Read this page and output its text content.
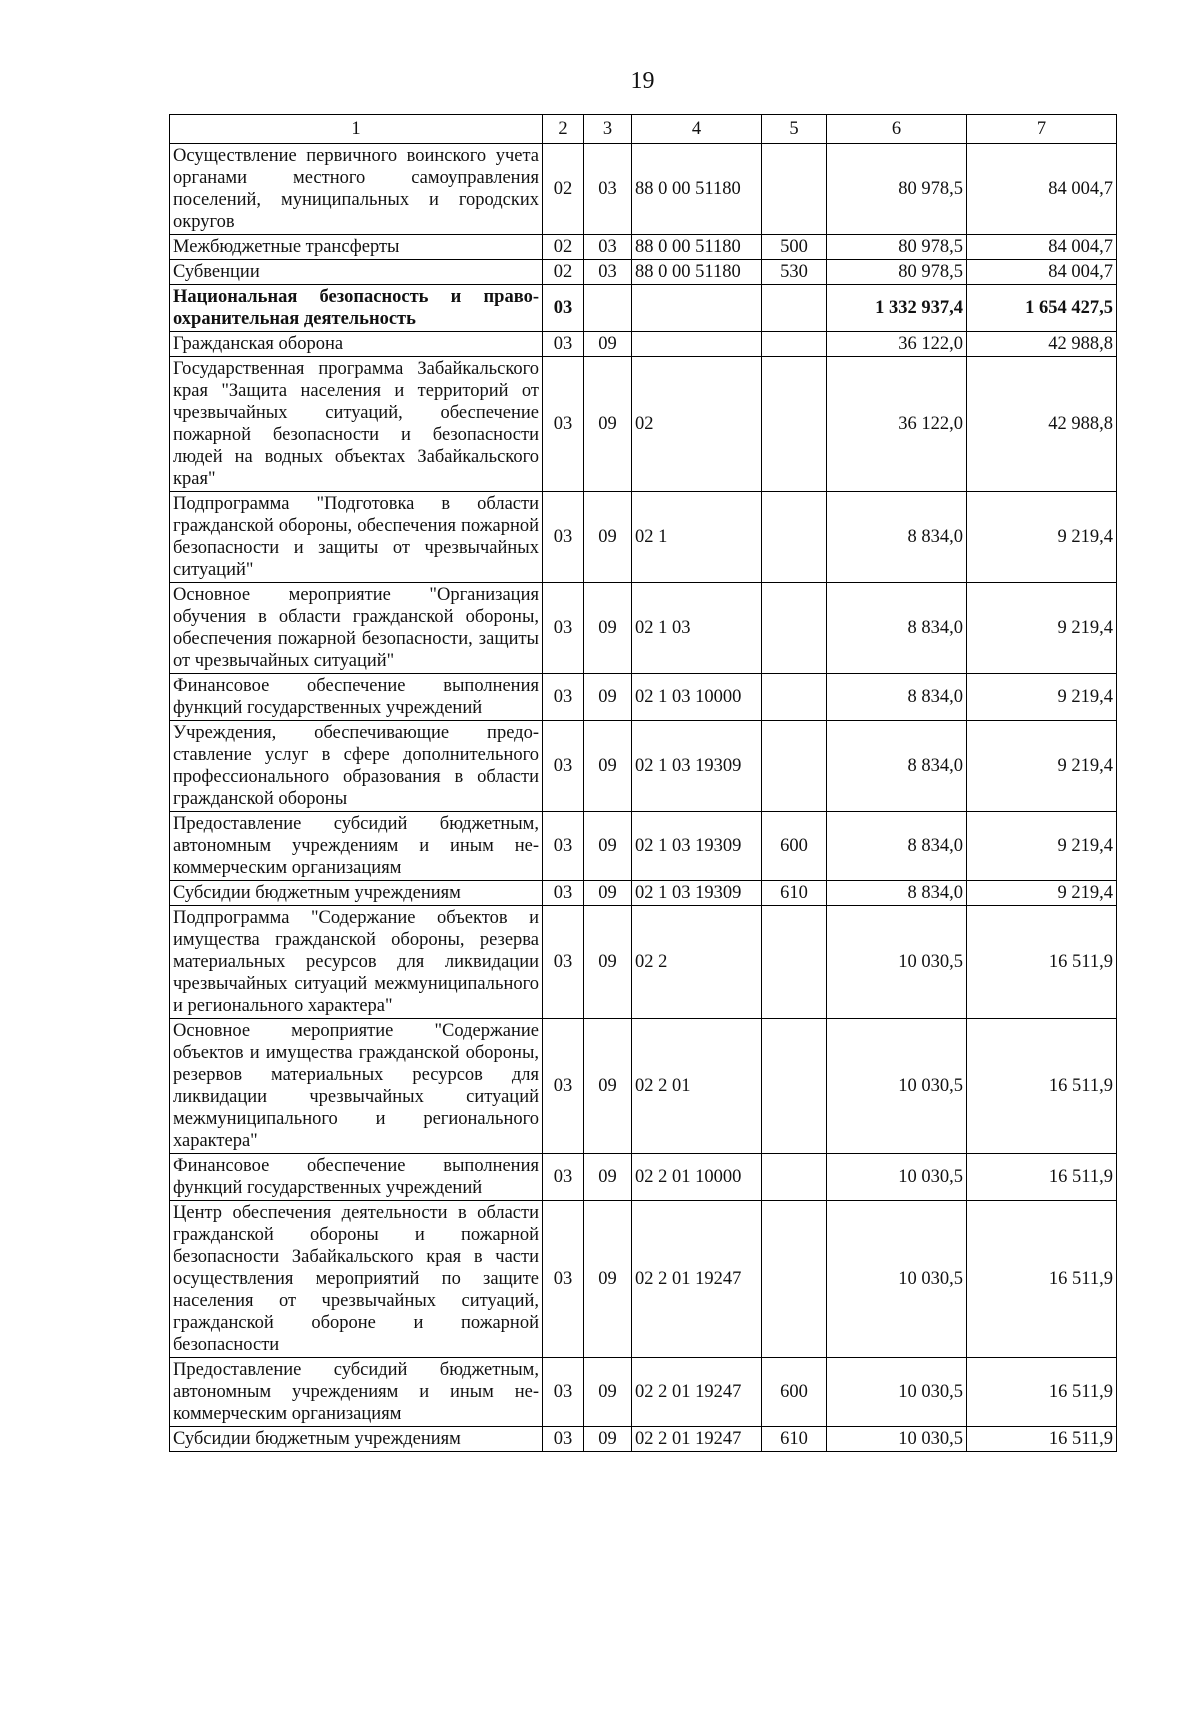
19
1	2	3	4	5	6	7
Осуществление первичного воинского учета органами местного самоуправления поселений, муниципальных и городских округов	02	03	88 0 00 51180		80 978,5	84 004,7
Межбюджетные трансферты	02	03	88 0 00 51180	500	80 978,5	84 004,7
Субвенции	02	03	88 0 00 51180	530	80 978,5	84 004,7
Национальная безопасность и правоохранительная деятельность	03				1 332 937,4	1 654 427,5
Гражданская оборона	03	09			36 122,0	42 988,8
Государственная программа Забайкальского края "Защита населения и территорий от чрезвычайных ситуаций, обеспечение пожарной безопасности и безопасности людей на водных объектах Забайкальского края"	03	09	02		36 122,0	42 988,8
Подпрограмма "Подготовка в области гражданской обороны, обеспечения пожарной безопасности и защиты от чрезвычайных ситуаций"	03	09	02 1		8 834,0	9 219,4
Основное мероприятие "Организация обучения в области гражданской обороны, обеспечения пожарной безопасности, защиты от чрезвычайных ситуаций"	03	09	02 1 03		8 834,0	9 219,4
Финансовое обеспечение выполнения функций государственных учреждений	03	09	02 1 03 10000		8 834,0	9 219,4
Учреждения, обеспечивающие предоставление услуг в сфере дополнительного профессионального образования в области гражданской обороны	03	09	02 1 03 19309		8 834,0	9 219,4
Предоставление субсидий бюджетным, автономным учреждениям и иным некоммерческим организациям	03	09	02 1 03 19309	600	8 834,0	9 219,4
Субсидии бюджетным учреждениям	03	09	02 1 03 19309	610	8 834,0	9 219,4
Подпрограмма "Содержание объектов и имущества гражданской обороны, резерва материальных ресурсов для ликвидации чрезвычайных ситуаций межмуниципального и регионального характера"	03	09	02 2		10 030,5	16 511,9
Основное мероприятие "Содержание объектов и имущества гражданской обороны, резервов материальных ресурсов для ликвидации чрезвычайных ситуаций межмуниципального и регионального характера"	03	09	02 2 01		10 030,5	16 511,9
Финансовое обеспечение выполнения функций государственных учреждений	03	09	02 2 01 10000		10 030,5	16 511,9
Центр обеспечения деятельности в области гражданской обороны и пожарной безопасности Забайкальского края в части осуществления мероприятий по защите населения от чрезвычайных ситуаций, гражданской обороне и пожарной безопасности	03	09	02 2 01 19247		10 030,5	16 511,9
Предоставление субсидий бюджетным, автономным учреждениям и иным некоммерческим организациям	03	09	02 2 01 19247	600	10 030,5	16 511,9
Субсидии бюджетным учреждениям	03	09	02 2 01 19247	610	10 030,5	16 511,9
